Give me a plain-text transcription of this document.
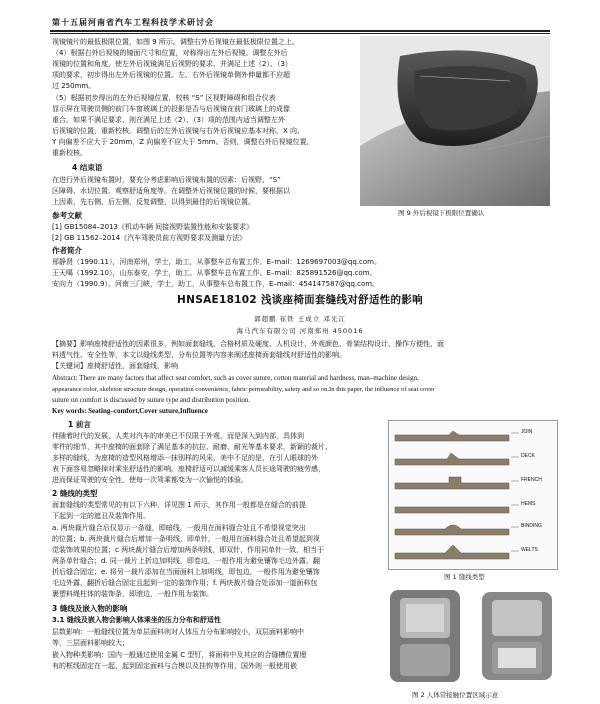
第十五届河南省汽车工程科技学术研讨会
视镜镜片的最低极限位置，如图 9 所示。调整右外后视镜在最低极限位置之上。
（4）根据右外后视镜的镜面尺寸和位置，对称得出左外后视镜。调整左外后
视镜的位置和角度，使左外后视镜满足后视野的要求，并满足上述（2）、（3）
项的要求，初步得出左外后视镜的位置。左、右外后视镜单侧外伸量都不应超
过 250mm。
（5）根据初步得出的左外后视镜位置，校核 “S” 区视野障碍和组合仪表
显示屏在驾驶员侧的前门车窗玻璃上的投影是否与后视镜在前门玻璃上的成像
重合。如果不满足要求，则在满足上述（2）、（3）项的范围内适当调整左外
后视镜的位置，重新校核。调整后的左外后视镜与右外后视镜应基本对称，X 向、
Y 向偏差不应大于 20mm，Z 向偏差不应大于 5mm。否则，调整右外后视镜位置，
重新校核。
4 结束语
在进行外后视镜布置时，要充分考虑影响后视镜布置的因素：后视野、“S”
区障碍、水切位置、观察舒适角度等。在调整外后视镜位置的时候，要根据以
上因素，先右侧、后左侧，反复调整，以得到最佳的后视镜位置。
参考文献
[1] GB15084–2013《机动车辆 间接视野装置性能和安装要求》
[2] GB 11562–2014《汽车驾驶员前方视野要求及测量方法》
作者简介
邢静贤（1990.11），河南郑州，学士，助工，从事整车总布置工作。E–mail：1269697003@qq.com。
王天噶（1992.10），山东泰安，学士，助工。从事整车总布置工作。E–mail：825891526@qq.com。
安向力（1990.9），河南三门峡，学士，助工，从事整车总布置工作，E–mail：454147587@qq.com。
图 9 外后视镜下极限位置确认
HNSAE18102 浅谈座椅面套缝线对舒适性的影响
郭超鹏 崔铁 王成立 邓光江
海马汽车有限公司 河南郑州 450016
【摘要】影响座椅舒适性的因素很多，例如面套缝线、合格材质及硬度、人机设计、外观颜色、骨架结构设计、操作方便性、面
料透气性、安全性等，本文以缝线类型、分布位置等内容来阐述座椅面套缝线对舒适性的影响。
【关键词】座椅舒适性，面套缝线，影响
Abstract: There are many factors that affect seat comfort, such as cover suture, cotton material and hardness, man–machine design,
appearance color, skeleton structure design, operation convenience, fabric permeability, safety and so on.In this paper, the influence of seat cover
suture on comfort is discussed by suture type and distribution position.
Key words: Seating–comfort,Cover suture,Influence
1 前言
伴随着时代的发展，人类对汽车的审美已不仅限于外观，而是深入到内部，具体到
零件的细节，其中座椅的面套除了满足基本的抗拉、耐磨、耐光等基本要求，新颖的裁片、
多样的缝线，为座椅的造型风格增添一抹别样的风采，美中不足的是，在引人眼球的外
表下面容易忽略掉对乘坐舒适性的影响。座椅舒适可以减缓乘客人员长途驾驶的疲劳感，
进而保证驾驶的安全性，使每一次驾乘都变为一次愉悦的体验。
2 缝线的类型
面套缝线的类型常见的有以下六种，详见图 1 所示，其作用一般都是在缝合的前提
下起到一定的遮丑及装饰作用。
a. 两块裁片缝合后仅显示一条缝，即暗线，一般用在面料缝合处且不希望视觉突出
的位置；b. 两块裁片缝合后增加一条明线，即单针，一般用在面料缝合处且希望起到视
觉装饰效果的位置；c 两块裁片缝合后增加两条明线，即双针，作用同单针一致，相当于
两条单针缝合；d. 同一裁片上折边加明线，即卷边，一般作用为避免镶饰毛边外露，翻
折后缝合固定；e. 将另一裁片添加在当面面料上加明线，即包边，一般作用为避免镶饰
毛边外露，翻折后缝合固定且起到一定的装饰作用；f. 两块裁片缝合处添加一道面料包
裹塑料绳柱体的装饰条，即滚边，一般作用为装饰。
3 缝线及嵌入物的影响
3.1 缝线及嵌入物会影响人体乘坐的压力分布和舒适性
层数影响：一般缝线位置为单层面料则对人体压力分布影响较小，双层面料影响中
等，三层面料影响较大；
嵌入物种类影响：国内一般通过使用金属 C 型钉，将面料中及其应的合缝槽位置埋
有的框线固定在一起，起到固定面料与合模以及挂钩等作用，国外则一般使用嵌
JOIN
DECK
FRENCH
HEMS
BINDING
WELTS
图 1 缝线类型
图 2 人体常接触位置区域示意
